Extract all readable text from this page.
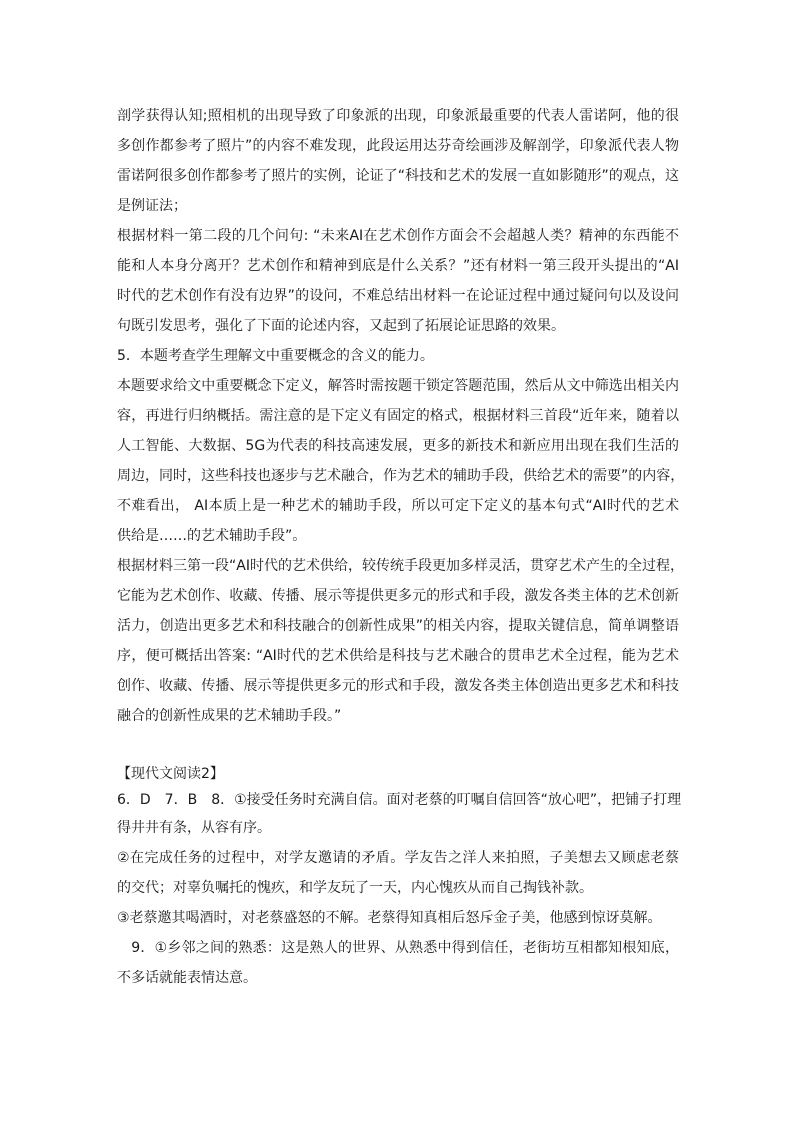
剖学获得认知;照相机的出现导致了印象派的出现，印象派最重要的代表人雷诺阿，他的很
多创作都参考了照片”的内容不难发现，此段运用达芬奇绘画涉及解剖学，印象派代表人物
雷诺阿很多创作都参考了照片的实例，论证了“科技和艺术的发展一直如影随形”的观点，这
是例证法；
根据材料一第二段的几个问句: “未来AI在艺术创作方面会不会超越人类？精神的东西能不
能和人本身分离开？艺术创作和精神到底是什么关系？”还有材料一第三段开头提出的“AI
时代的艺术创作有没有边界”的设问，不难总结出材料一在论证过程中通过疑问句以及设问
句既引发思考，强化了下面的论述内容，又起到了拓展论证思路的效果。
5．本题考查学生理解文中重要概念的含义的能力。
本题要求给文中重要概念下定义，解答时需按题干锁定答题范围，然后从文中筛选出相关内
容，再进行归纳概括。需注意的是下定义有固定的格式，根据材料三首段“近年来，随着以
人工智能、大数据、5G为代表的科技高速发展，更多的新技术和新应用出现在我们生活的
周边，同时，这些科技也逐步与艺术融合，作为艺术的辅助手段，供给艺术的需要”的内容，
不难看出， AI本质上是一种艺术的辅助手段，所以可定下定义的基本句式“AI时代的艺术
供给是……的艺术辅助手段”。
根据材料三第一段“AI时代的艺术供给，较传统手段更加多样灵活，贯穿艺术产生的全过程，
它能为艺术创作、收藏、传播、展示等提供更多元的形式和手段，激发各类主体的艺术创新
活力，创造出更多艺术和科技融合的创新性成果”的相关内容，提取关键信息，简单调整语
序，便可概括出答案: “AI时代的艺术供给是科技与艺术融合的贯串艺术全过程，能为艺术
创作、收藏、传播、展示等提供更多元的形式和手段，激发各类主体创造出更多艺术和科技
融合的创新性成果的艺术辅助手段。”
【现代文阅读2】
6．D　7．B　8．①接受任务时充满自信。面对老蔡的叮嘱自信回答“放心吧”，把铺子打理
得井井有条，从容有序。
②在完成任务的过程中，对学友邀请的矛盾。学友告之洋人来拍照，子美想去又顾虑老蔡
的交代；对辜负嘱托的愧疚，和学友玩了一天，内心愧疚从而自己掏钱补款。
③老蔡邀其喝酒时，对老蔡盛怒的不解。老蔡得知真相后怒斥金子美，他感到惊讶莫解。
　9．①乡邻之间的熟悉：这是熟人的世界、从熟悉中得到信任，老街坊互相都知根知底，
不多话就能表情达意。
